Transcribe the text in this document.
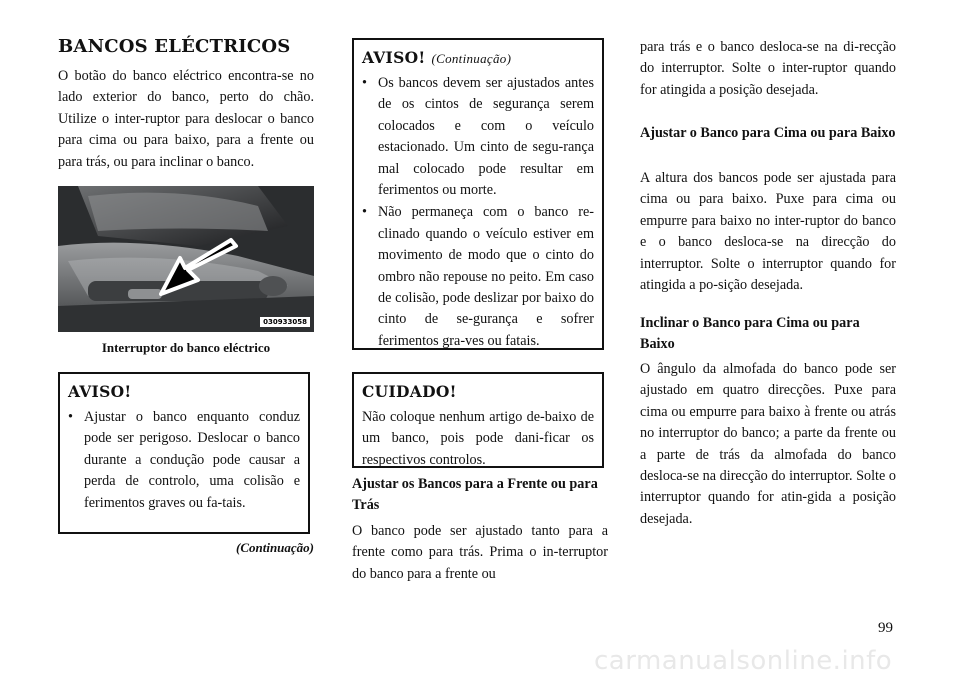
BANCOS ELÉCTRICOS

O botão do banco eléctrico encontra-se no lado exterior do banco, perto do chão. Utilize o inter-ruptor para deslocar o banco para cima ou para baixo, para a frente ou para trás, ou para inclinar o banco.

030933058
Interruptor do banco eléctrico
AVISO!
• Ajustar o banco enquanto conduz pode ser perigoso. Deslocar o banco durante a condução pode causar a perda de controlo, uma colisão e ferimentos graves ou fa-tais.
(Continuação)
AVISO! (Continuação)
• Os bancos devem ser ajustados antes de os cintos de segurança serem colocados e com o veículo estacionado. Um cinto de segu-rança mal colocado pode resultar em ferimentos ou morte.
• Não permaneça com o banco re-clinado quando o veículo estiver em movimento de modo que o cinto do ombro não repouse no peito. Em caso de colisão, pode deslizar por baixo do cinto de se-gurança e sofrer ferimentos gra-ves ou fatais.
CUIDADO!

Não coloque nenhum artigo de-baixo de um banco, pois pode dani-ficar os respectivos controlos.

Ajustar os Bancos para a Frente ou para Trás

O banco pode ser ajustado tanto para a frente como para trás. Prima o in-terruptor do banco para a frente ou

para trás e o banco desloca-se na di-recção do interruptor. Solte o inter-ruptor quando for atingida a posição desejada.

Ajustar o Banco para Cima ou para Baixo

A altura dos bancos pode ser ajustada para cima ou para baixo. Puxe para cima ou empurre para baixo no inter-ruptor do banco e o banco desloca-se na direcção do interruptor. Solte o interruptor quando for atingida a po-sição desejada.

Inclinar o Banco para Cima ou para Baixo

O ângulo da almofada do banco pode ser ajustado em quatro direcções. Puxe para cima ou empurre para baixo à frente ou atrás no interruptor do banco; a parte da frente ou a parte de trás da almofada do banco desloca-se na direcção do interruptor. Solte o interruptor quando for atin-gida a posição desejada.

99
carmanualsonline.info
